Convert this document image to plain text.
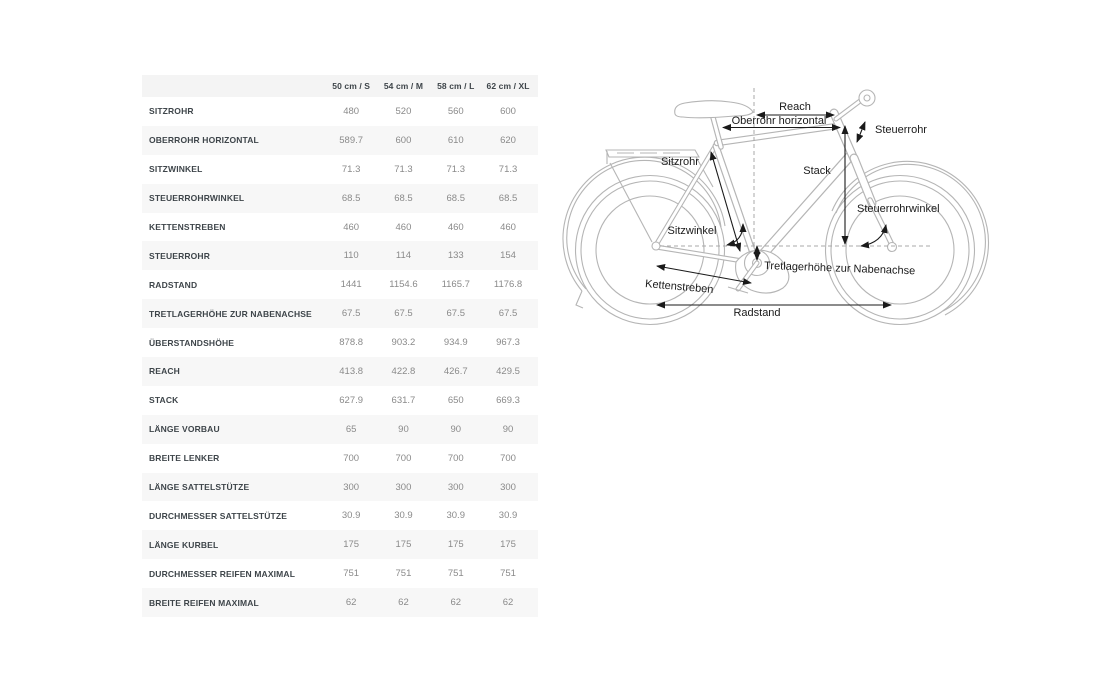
50 cm / S	54 cm / M	58 cm / L	62 cm / XL
SITZROHR	480	520	560	600
OBERROHR HORIZONTAL	589.7	600	610	620
SITZWINKEL	71.3	71.3	71.3	71.3
STEUERROHRWINKEL	68.5	68.5	68.5	68.5
KETTENSTREBEN	460	460	460	460
STEUERROHR	110	114	133	154
RADSTAND	1441	1154.6	1165.7	1176.8
TRETLAGERHÖHE ZUR NABENACHSE	67.5	67.5	67.5	67.5
ÜBERSTANDSHÖHE	878.8	903.2	934.9	967.3
REACH	413.8	422.8	426.7	429.5
STACK	627.9	631.7	650	669.3
LÄNGE VORBAU	65	90	90	90
BREITE LENKER	700	700	700	700
LÄNGE SATTELSTÜTZE	300	300	300	300
DURCHMESSER SATTELSTÜTZE	30.9	30.9	30.9	30.9
LÄNGE KURBEL	175	175	175	175
DURCHMESSER REIFEN MAXIMAL	751	751	751	751
BREITE REIFEN MAXIMAL	62	62	62	62
Reach
Oberrohr horizontal
Steuerrohr
Sitzrohr
Stack
Steuerrohrwinkel
Sitzwinkel
Tretlagerhöhe zur Nabenachse
Kettenstreben
Radstand
